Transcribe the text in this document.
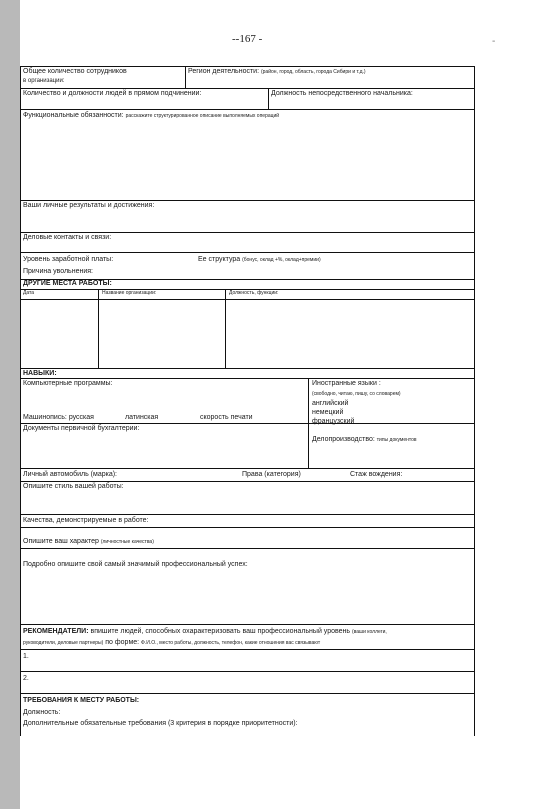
--167 -	-
Общее количество сотрудников
в организации:
Регион деятельности: (район, город, область, города Сибири и т.д.)
Количество и должности людей в прямом подчинении:	Должность непосредственного начальника:
Функциональные обязанности: расскажите структурированное описание выполняемых операций
Ваши личные результаты и достижения:
Деловые контакты и связи:
Уровень заработной платы:	Ее структура (бонус, оклад +%, оклад+премии)
Причина увольнения:
ДРУГИЕ МЕСТА РАБОТЫ:
Дата	Название организации:	Должность, функции:
НАВЫКИ:
Компьютерные программы:	Иностранные языки :
(свободно, читаю, пишу, со словарем)
английский
немецкий
французский
Машинопись: русская	латинская	скорость печати
Документы первичной бухгалтерии:
Делопроизводство: типы документов
Личный автомобиль (марка):	Права (категория)	Стаж вождения:
Опишите стиль вашей работы:
Качества, демонстрируемые в работе:
Опишите ваш характер (личностные качества)
Подробно опишите свой самый значимый профессиональный успех:
РЕКОМЕНДАТЕЛИ: впишите людей, способных охарактеризовать ваш профессиональный уровень (ваши коллеги,
руководители, деловые партнеры) по форме: Ф.И.О., место работы, должность, телефон, какие отношения вас связывают
1.
2.
ТРЕБОВАНИЯ К МЕСТУ РАБОТЫ:
Должность:
Дополнительные обязательные требования (3 критерия в порядке приоритетности):
